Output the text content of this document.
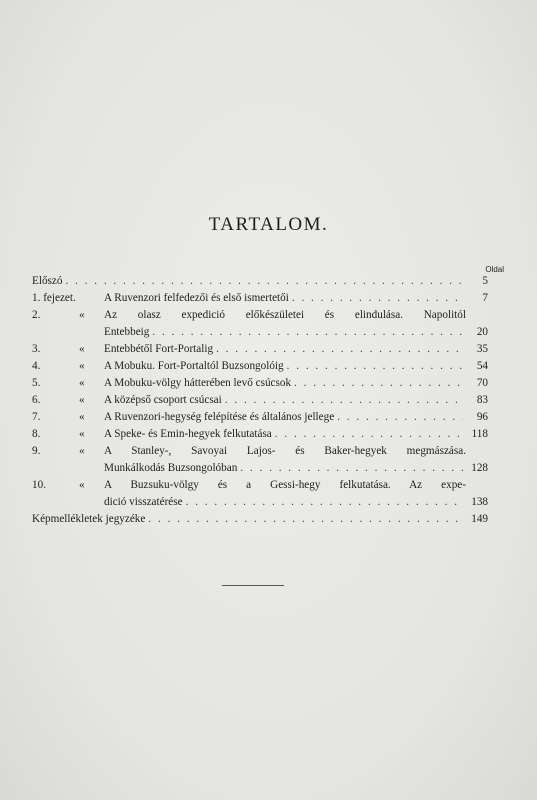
TARTALOM.
Oldal
Előszó . . .	5
1. fejezet.	A Ruvenzori felfedezői és első ismertetői . . .	7
2.	« Az olasz expedició előkészületei és elindulása. Napolitól
Entebbeig . . .	20
3.	« Entebbétől Fort-Portalig . . .	35
4.	« A Mobuku. Fort-Portaltól Buzsongolóig . . .	54
5.	« A Mobuku-völgy hátterében levő csúcsok . . .	70
6.	« A középső csoport csúcsai . . .	83
7.	« A Ruvenzori-hegység felépítése és általános jellege . . .	96
8.	« A Speke- és Emin-hegyek felkutatása . . .	118
9.	« A Stanley-, Savoyai Lajos- és Baker-hegyek megmászása.
Munkálkodás Buzsongolóban . . .	128
10.	« A Buzsuku-völgy és a Gessi-hegy felkutatása. Az expe-
dició visszatérése . . .	138
Képmellékletek jegyzéke . . .	149
